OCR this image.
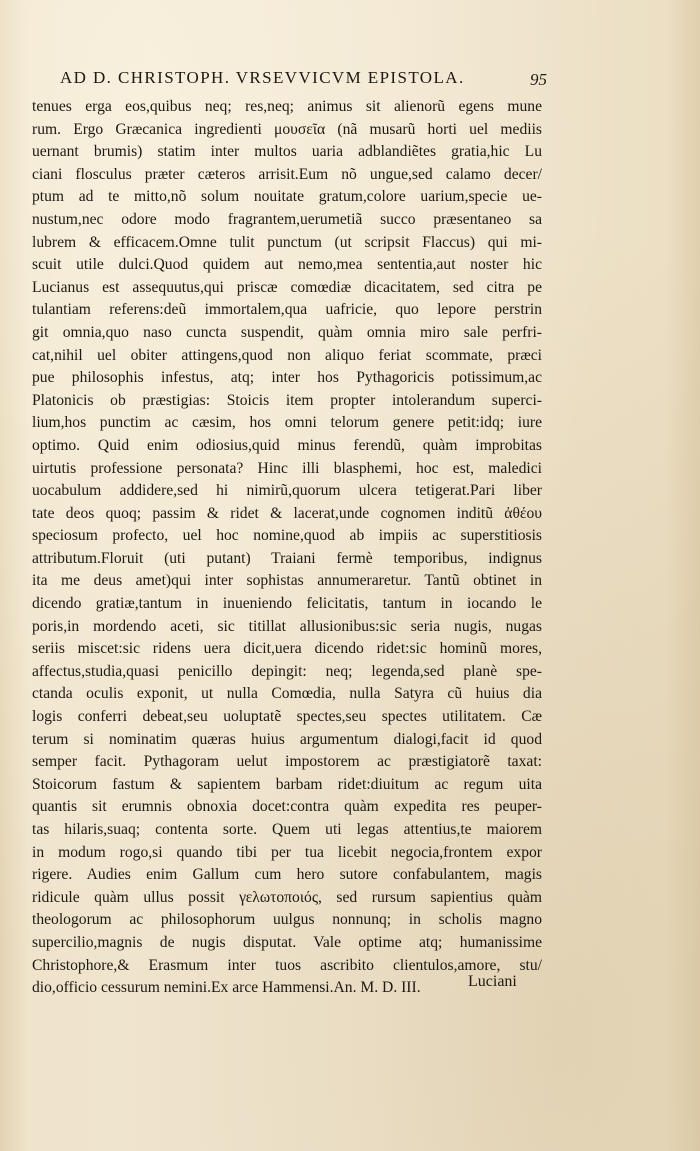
AD D. CHRISTOPH. VRSEVVICVM EPISTOLA.	95
tenues erga eos,quibus neq; res,neq; animus sit alienorũ egens mune
rum. Ergo Græcanica ingredienti μουσεῖα (nã musarũ horti uel mediis
uernant brumis) statim inter multos uaria adblandiẽtes gratia,hic Lu
ciani flosculus præter cæteros arrisit.Eum nõ ungue,sed calamo decer/
ptum ad te mitto,nõ solum nouitate gratum,colore uarium,specie ue-
nustum,nec odore modo fragrantem,uerumetiã succo præsentaneo sa
lubrem & efficacem.Omne tulit punctum (ut scripsit Flaccus) qui mi-
scuit utile dulci.Quod quidem aut nemo,mea sententia,aut noster hic
Lucianus est assequutus,qui priscæ comœdiæ dicacitatem, sed citra pe
tulantiam referens:deũ immortalem,qua uafricie, quo lepore perstrin
git omnia,quo naso cuncta suspendit, quàm omnia miro sale perfri-
cat,nihil uel obiter attingens,quod non aliquo feriat scommate, præci
pue philosophis infestus, atq; inter hos Pythagoricis potissimum,ac
Platonicis ob præstigias: Stoicis item propter intolerandum superci-
lium,hos punctim ac cæsim, hos omni telorum genere petit:idq; iure
optimo. Quid enim odiosius,quid minus ferendũ, quàm improbitas
uirtutis professione personata? Hinc illi blasphemi, hoc est, maledici
uocabulum addidere,sed hi nimirũ,quorum ulcera tetigerat.Pari liber
tate deos quoq; passim & ridet & lacerat,unde cognomen inditũ ἀθέου
speciosum profecto, uel hoc nomine,quod ab impiis ac superstitiosis
attributum.Floruit (uti putant) Traiani fermè temporibus, indignus
ita me deus amet)qui inter sophistas annumeraretur. Tantũ obtinet in
dicendo gratiæ,tantum in inueniendo felicitatis, tantum in iocando le
poris,in mordendo aceti, sic titillat allusionibus:sic seria nugis, nugas
seriis miscet:sic ridens uera dicit,uera dicendo ridet:sic hominũ mores,
affectus,studia,quasi penicillo depingit: neq; legenda,sed planè spe-
ctanda oculis exponit, ut nulla Comœdia, nulla Satyra cũ huius dia
logis conferri debeat,seu uoluptatẽ spectes,seu spectes utilitatem. Cæ
terum si nominatim quæras huius argumentum dialogi,facit id quod
semper facit. Pythagoram uelut impostorem ac præstigiatorẽ taxat:
Stoicorum fastum & sapientem barbam ridet:diuitum ac regum uita
quantis sit erumnis obnoxia docet:contra quàm expedita res peuper-
tas hilaris,suaq; contenta sorte. Quem uti legas attentius,te maiorem
in modum rogo,si quando tibi per tua licebit negocia,frontem expor
rigere. Audies enim Gallum cum hero sutore confabulantem, magis
ridicule quàm ullus possit γελωτοποιός, sed rursum sapientius quàm
theologorum ac philosophorum uulgus nonnunq; in scholis magno
supercilio,magnis de nugis disputat. Vale optime atq; humanissime
Christophore,& Erasmum inter tuos ascribito clientulos,amore, stu/
dio,officio cessurum nemini.Ex arce Hammensi.An. M. D. III.	Luciani
